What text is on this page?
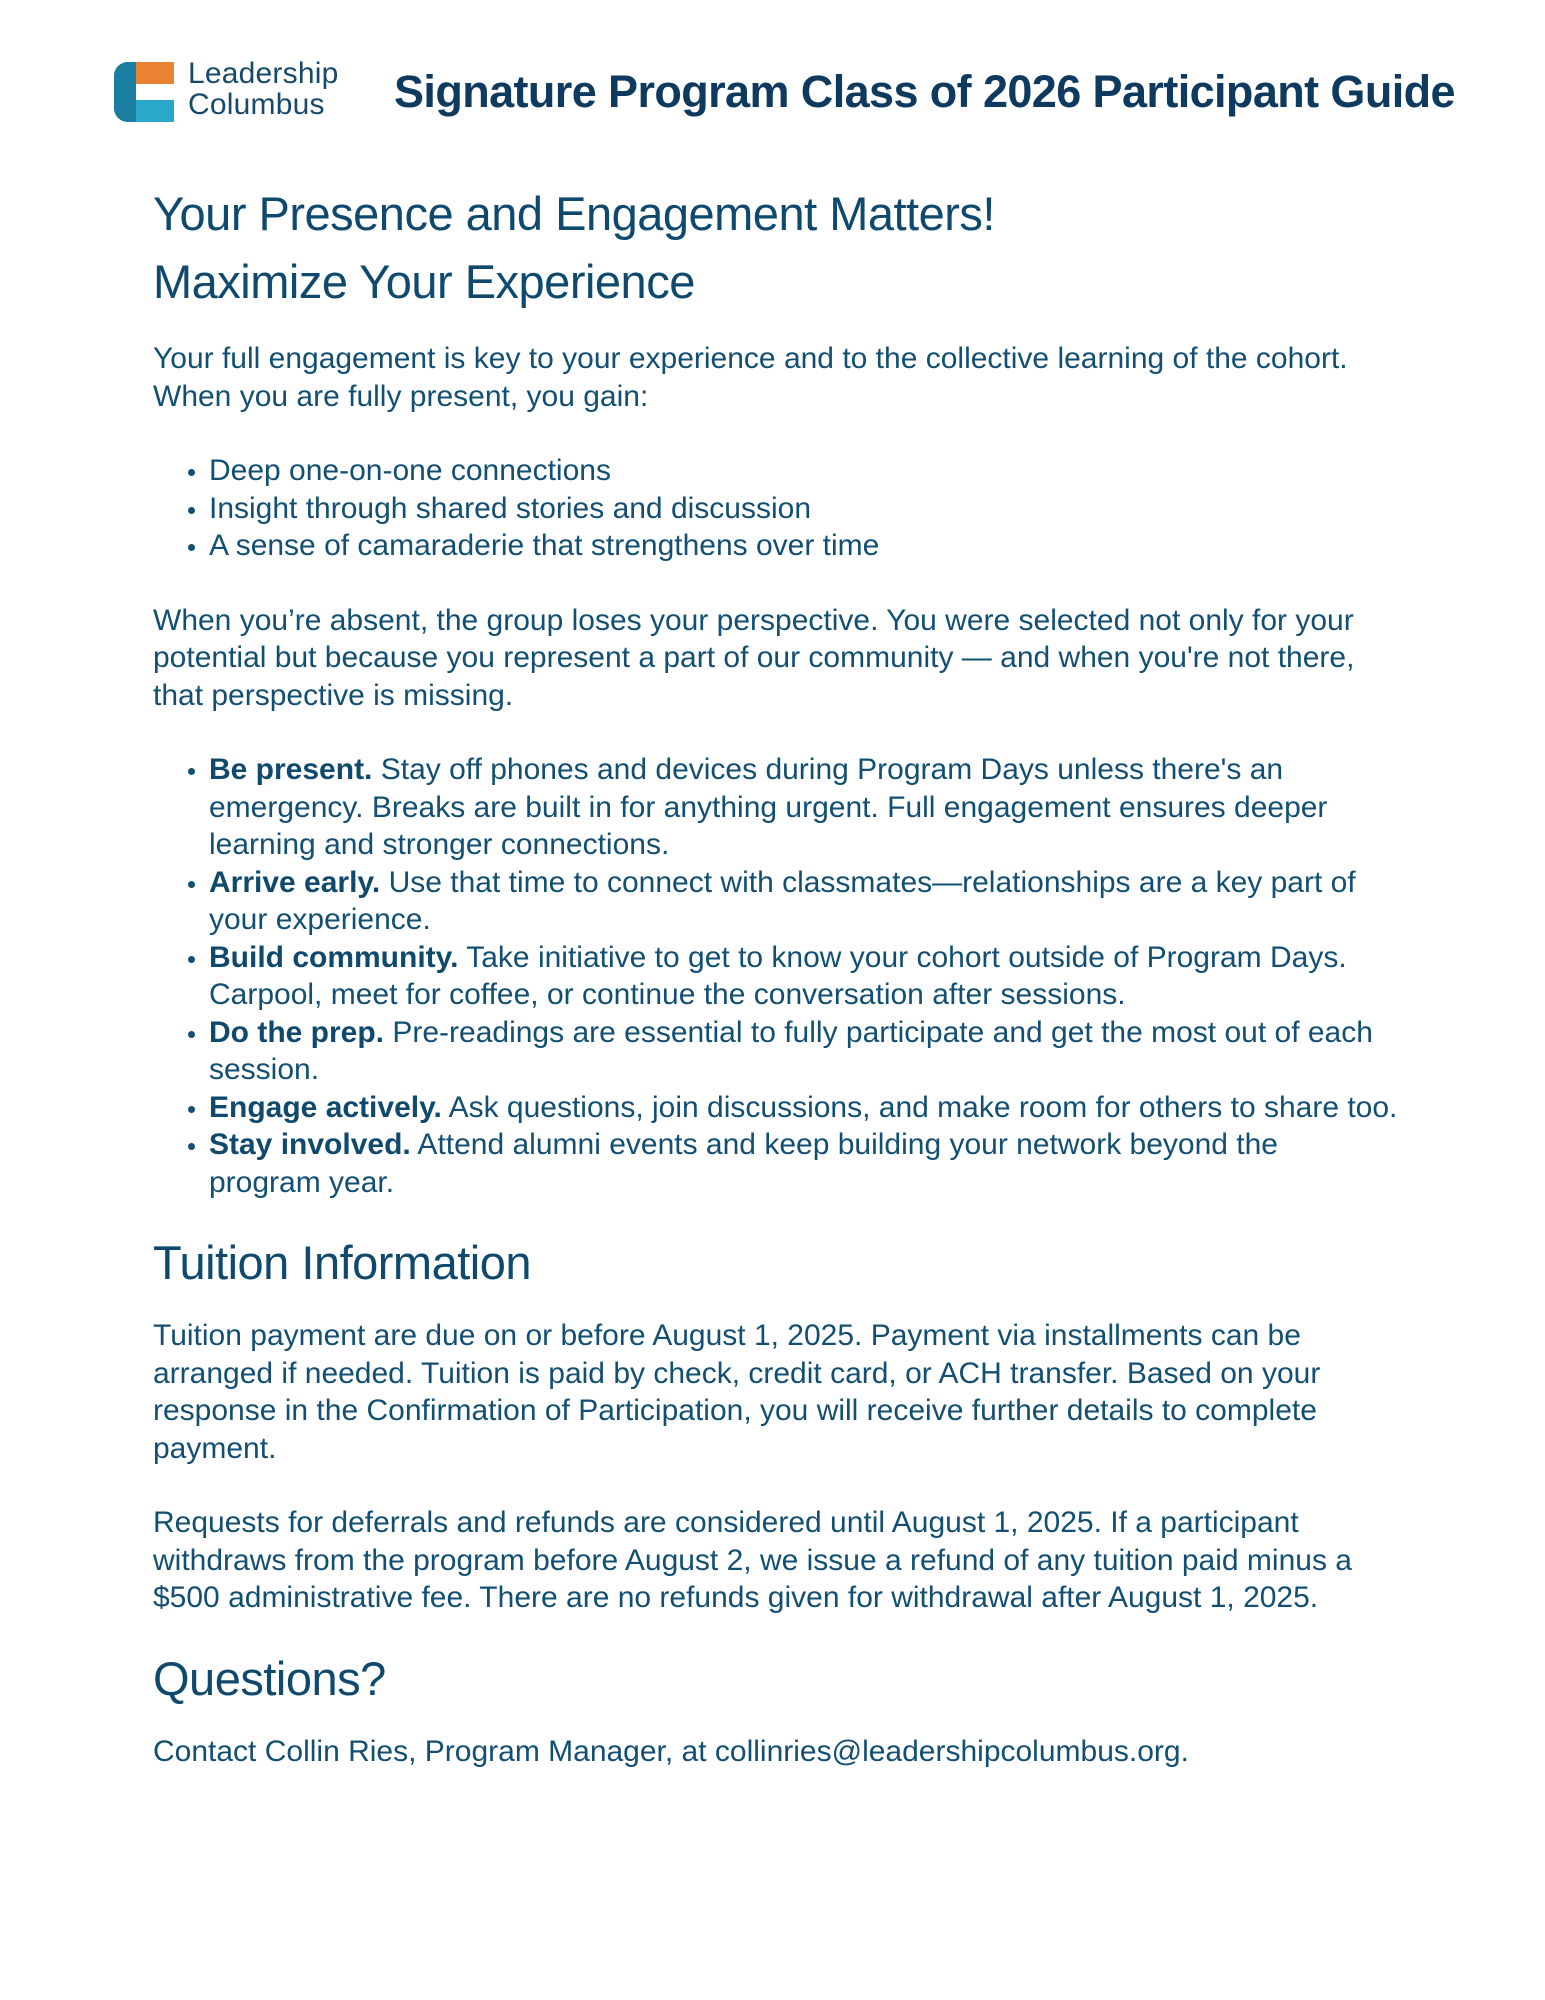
Leadership
Columbus	Signature Program Class of 2026 Participant Guide
Your Presence and Engagement Matters!
Maximize Your Experience

Your full engagement is key to your experience and to the collective learning of the cohort. When you are fully present, you gain:

• Deep one-on-one connections
• Insight through shared stories and discussion
• A sense of camaraderie that strengthens over time

When you’re absent, the group loses your perspective. You were selected not only for your potential but because you represent a part of our community — and when you're not there, that perspective is missing.

• Be present. Stay off phones and devices during Program Days unless there's an emergency. Breaks are built in for anything urgent. Full engagement ensures deeper learning and stronger connections.
• Arrive early. Use that time to connect with classmates—relationships are a key part of your experience.
• Build community. Take initiative to get to know your cohort outside of Program Days. Carpool, meet for coffee, or continue the conversation after sessions.
• Do the prep. Pre-readings are essential to fully participate and get the most out of each session.
• Engage actively. Ask questions, join discussions, and make room for others to share too.
• Stay involved. Attend alumni events and keep building your network beyond the program year.
Tuition Information

Tuition payment are due on or before August 1, 2025. Payment via installments can be arranged if needed. Tuition is paid by check, credit card, or ACH transfer. Based on your response in the Confirmation of Participation, you will receive further details to complete payment.

Requests for deferrals and refunds are considered until August 1, 2025. If a participant withdraws from the program before August 2, we issue a refund of any tuition paid minus a $500 administrative fee. There are no refunds given for withdrawal after August 1, 2025.

Questions?

Contact Collin Ries, Program Manager, at collinries@leadershipcolumbus.org.
